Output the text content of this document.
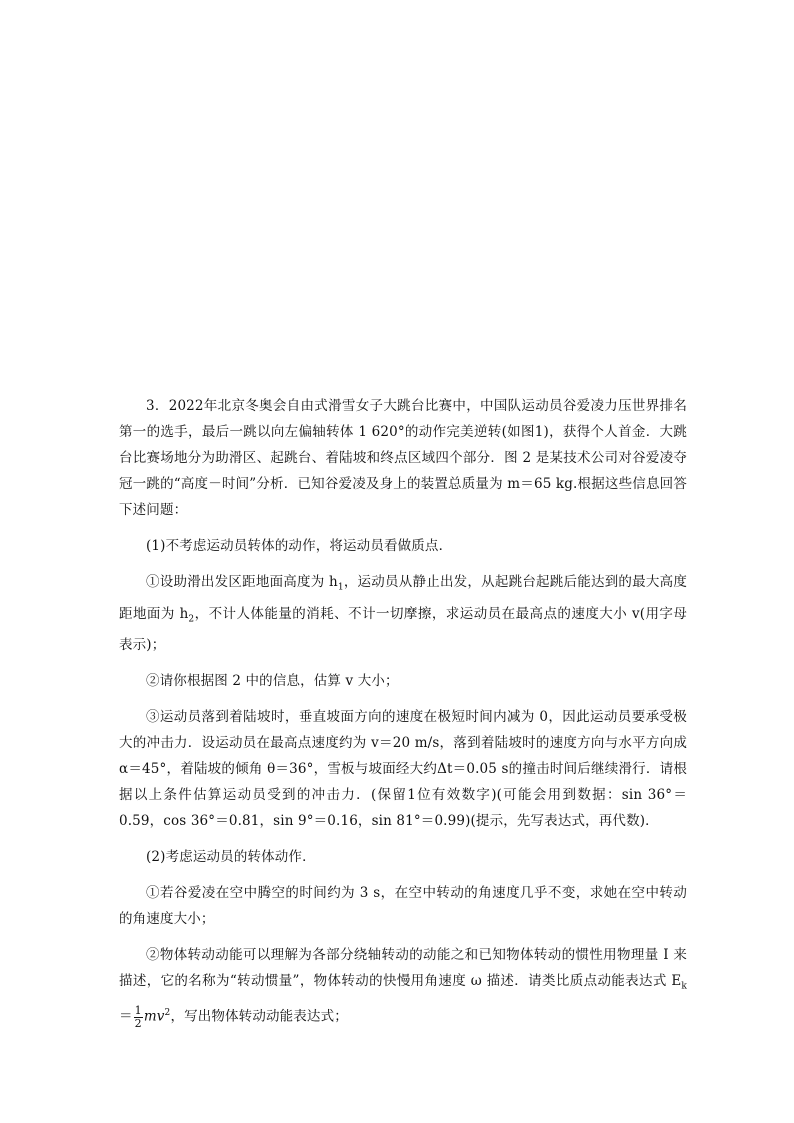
3．2022年北京冬奥会自由式滑雪女子大跳台比赛中，中国队运动员谷爱凌力压世界排名第一的选手，最后一跳以向左偏轴转体 1 620°的动作完美逆转(如图1)，获得个人首金．大跳台比赛场地分为助滑区、起跳台、着陆坡和终点区域四个部分．图 2 是某技术公司对谷爱凌夺冠一跳的“高度－时间”分析．已知谷爱凌及身上的装置总质量为 m＝65 kg.根据这些信息回答下述问题：

(1)不考虑运动员转体的动作，将运动员看做质点．

①设助滑出发区距地面高度为 $h_1$，运动员从静止出发，从起跳台起跳后能达到的最大高度距地面为 $h_2$，不计人体能量的消耗、不计一切摩擦，求运动员在最高点的速度大小 v(用字母表示)；

②请你根据图 2 中的信息，估算 v 大小；

③运动员落到着陆坡时，垂直坡面方向的速度在极短时间内减为 0，因此运动员要承受极大的冲击力．设运动员在最高点速度约为 v＝20 m/s，落到着陆坡时的速度方向与水平方向成α＝45°，着陆坡的倾角 θ＝36°，雪板与坡面经大约Δt＝0.05 s的撞击时间后继续滑行．请根据以上条件估算运动员受到的冲击力．(保留1位有效数字)(可能会用到数据：sin 36°＝0.59，cos 36°＝0.81，sin 9°＝0.16，sin 81°＝0.99)(提示，先写表达式，再代数)．

(2)考虑运动员的转体动作．

①若谷爱凌在空中腾空的时间约为 3 s，在空中转动的角速度几乎不变，求她在空中转动的角速度大小；

②物体转动动能可以理解为各部分绕轴转动的动能之和已知物体转动的惯性用物理量 I 来描述，它的名称为“转动惯量”，物体转动的快慢用角速度 ω 描述．请类比质点动能表达式 $E_k= \frac{1}{2} mv^2$，写出物体转动动能表达式；
